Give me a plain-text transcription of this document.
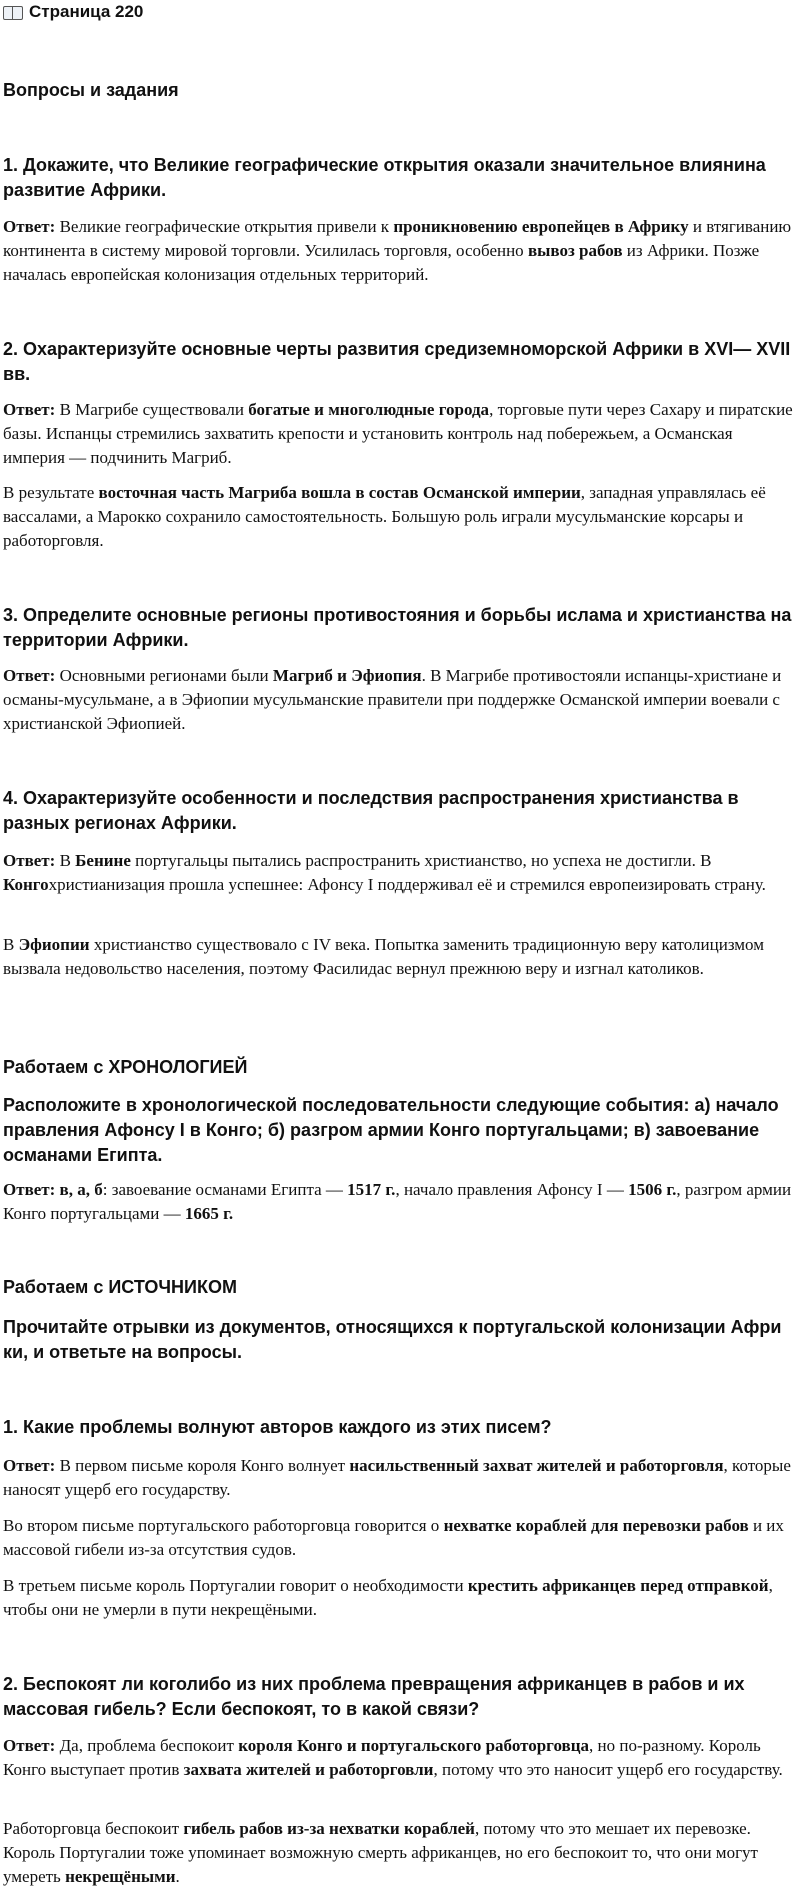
Страница 220
Вопросы и задания
1. Докажите, что Великие географические открытия оказали значительное влиянина развитие Африки.
Ответ: Великие географические открытия привели к проникновению европейцев в Африку и втягиванию континента в систему мировой торговли. Усилилась торговля, особенно вывоз рабов из Африки. Позже началась европейская колонизация отдельных территорий.
2. Охарактеризуйте основные черты развития средиземноморской Африки в XVI— XVII вв.
Ответ: В Магрибе существовали богатые и многолюдные города, торговые пути через Сахару и пиратские базы. Испанцы стремились захватить крепости и установить контроль над побережьем, а Османская империя — подчинить Магриб.
В результате восточная часть Магриба вошла в состав Османской империи, западная управлялась её вассалами, а Марокко сохранило самостоятельность. Большую роль играли мусульманские корсары и работорговля.
3. Определите основные регионы противостояния и борьбы ислама и христианства на территории Африки.
Ответ: Основными регионами были Магриб и Эфиопия. В Магрибе противостояли испанцы-христиане и османы-мусульмане, а в Эфиопии мусульманские правители при поддержке Османской империи воевали с христианской Эфиопией.
4. Охарактеризуйте особенности и последствия распространения христианства в разных регионах Африки.
Ответ: В Бенине португальцы пытались распространить христианство, но успеха не достигли. В Конгохристианизация прошла успешнее: Афонсу I поддерживал её и стремился европеизировать страну.
В Эфиопии христианство существовало с IV века. Попытка заменить традиционную веру католицизмом вызвала недовольство населения, поэтому Фасилидас вернул прежнюю веру и изгнал католиков.
Работаем с ХРОНОЛОГИЕЙ
Расположите в хронологической последовательности следующие события: а) начало правления Афонсу I в Конго; б) разгром армии Конго португальцами; в) завоевание османами Египта.
Ответ: в, а, б: завоевание османами Египта — 1517 г., начало правления Афонсу I — 1506 г., разгром армии Конго португальцами — 1665 г.
Работаем с ИСТОЧНИКОМ
Прочитайте отрывки из документов, относящихся к португальской колонизации Афри ки, и ответьте на вопросы.
1. Какие проблемы волнуют авторов каждого из этих писем?
Ответ: В первом письме короля Конго волнует насильственный захват жителей и работорговля, которые наносят ущерб его государству.
Во втором письме португальского работорговца говорится о нехватке кораблей для перевозки рабов и их массовой гибели из-за отсутствия судов.
В третьем письме король Португалии говорит о необходимости крестить африканцев перед отправкой, чтобы они не умерли в пути некрещёными.
2. Беспокоят ли коголибо из них проблема превращения африканцев в рабов и их массовая гибель? Если беспокоят, то в какой связи?
Ответ: Да, проблема беспокоит короля Конго и португальского работорговца, но по-разному. Король Конго выступает против захвата жителей и работорговли, потому что это наносит ущерб его государству.
Работорговца беспокоит гибель рабов из-за нехватки кораблей, потому что это мешает их перевозке. Король Португалии тоже упоминает возможную смерть африканцев, но его беспокоит то, что они могут умереть некрещёными.
